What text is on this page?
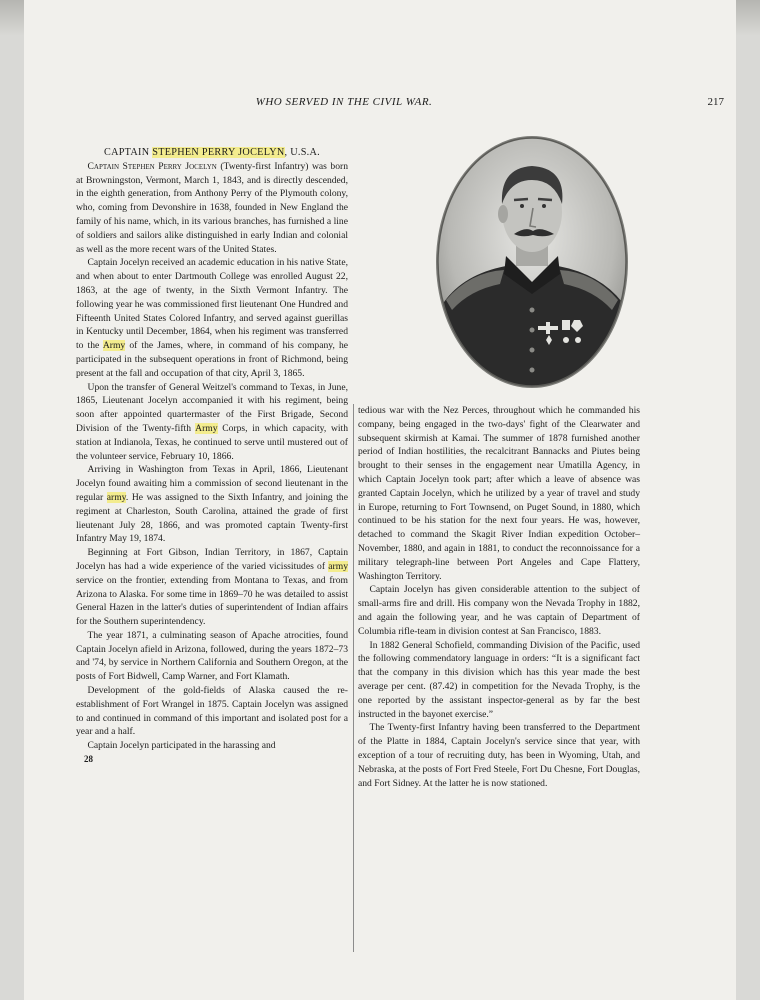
WHO SERVED IN THE CIVIL WAR.	217

CAPTAIN STEPHEN PERRY JOCELYN, U.S.A.

Captain Stephen Perry Jocelyn (Twenty-first Infantry) was born at Browningston, Vermont, March 1, 1843, and is directly descended, in the eighth generation, from Anthony Perry of the Plymouth colony, who, coming from Devonshire in 1638, founded in New England the family of his name, which, in its various branches, has furnished a line of soldiers and sailors alike distinguished in early Indian and colonial as well as the more recent wars of the United States.

Captain Jocelyn received an academic education in his native State, and when about to enter Dartmouth College was enrolled August 22, 1863, at the age of twenty, in the Sixth Vermont Infantry. The following year he was commissioned first lieutenant One Hundred and Fifteenth United States Colored Infantry, and served against guerillas in Kentucky until December, 1864, when his regiment was transferred to the Army of the James, where, in command of his company, he participated in the subsequent operations in front of Richmond, being present at the fall and occupation of that city, April 3, 1865.

Upon the transfer of General Weitzel's command to Texas, in June, 1865, Lieutenant Jocelyn accompanied it with his regiment, being soon after appointed quartermaster of the First Brigade, Second Division of the Twenty-fifth Army Corps, in which capacity, with station at Indianola, Texas, he continued to serve until mustered out of the volunteer service, February 10, 1866.

Arriving in Washington from Texas in April, 1866, Lieutenant Jocelyn found awaiting him a commission of second lieutenant in the regular army. He was assigned to the Sixth Infantry, and joining the regiment at Charleston, South Carolina, attained the grade of first lieutenant July 28, 1866, and was promoted captain Twenty-first Infantry May 19, 1874.

Beginning at Fort Gibson, Indian Territory, in 1867, Captain Jocelyn has had a wide experience of the varied vicissitudes of army service on the frontier, extending from Montana to Texas, and from Arizona to Alaska. For some time in 1869–70 he was detailed to assist General Hazen in the latter's duties of superintendent of Indian affairs for the Southern superintendency.

The year 1871, a culminating season of Apache atrocities, found Captain Jocelyn afield in Arizona, followed, during the years 1872–73 and '74, by service in Northern California and Southern Oregon, at the posts of Fort Bidwell, Camp Warner, and Fort Klamath.

Development of the gold-fields of Alaska caused the re-establishment of Fort Wrangel in 1875. Captain Jocelyn was assigned to and continued in command of this important and isolated post for a year and a half.

Captain Jocelyn participated in the harassing and

28

tedious war with the Nez Perces, throughout which he commanded his company, being engaged in the two-days' fight of the Clearwater and subsequent skirmish at Kamai. The summer of 1878 furnished another period of Indian hostilities, the recalcitrant Bannacks and Piutes being brought to their senses in the engagement near Umatilla Agency, in which Captain Jocelyn took part; after which a leave of absence was granted Captain Jocelyn, which he utilized by a year of travel and study in Europe, returning to Fort Townsend, on Puget Sound, in 1880, which continued to be his station for the next four years. He was, however, detached to command the Skagit River Indian expedition October–November, 1880, and again in 1881, to conduct the reconnoissance for a military telegraph-line between Port Angeles and Cape Flattery, Washington Territory.

Captain Jocelyn has given considerable attention to the subject of small-arms fire and drill. His company won the Nevada Trophy in 1882, and again the following year, and he was captain of Department of Columbia rifle-team in division contest at San Francisco, 1883.

In 1882 General Schofield, commanding Division of the Pacific, used the following commendatory language in orders: “It is a significant fact that the company in this division which has this year made the best average per cent. (87.42) in competition for the Nevada Trophy, is the one reported by the assistant inspector-general as by far the best instructed in the bayonet exercise.”

The Twenty-first Infantry having been transferred to the Department of the Platte in 1884, Captain Jocelyn's service since that year, with exception of a tour of recruiting duty, has been in Wyoming, Utah, and Nebraska, at the posts of Fort Fred Steele, Fort Du Chesne, Fort Douglas, and Fort Sidney. At the latter he is now stationed.
